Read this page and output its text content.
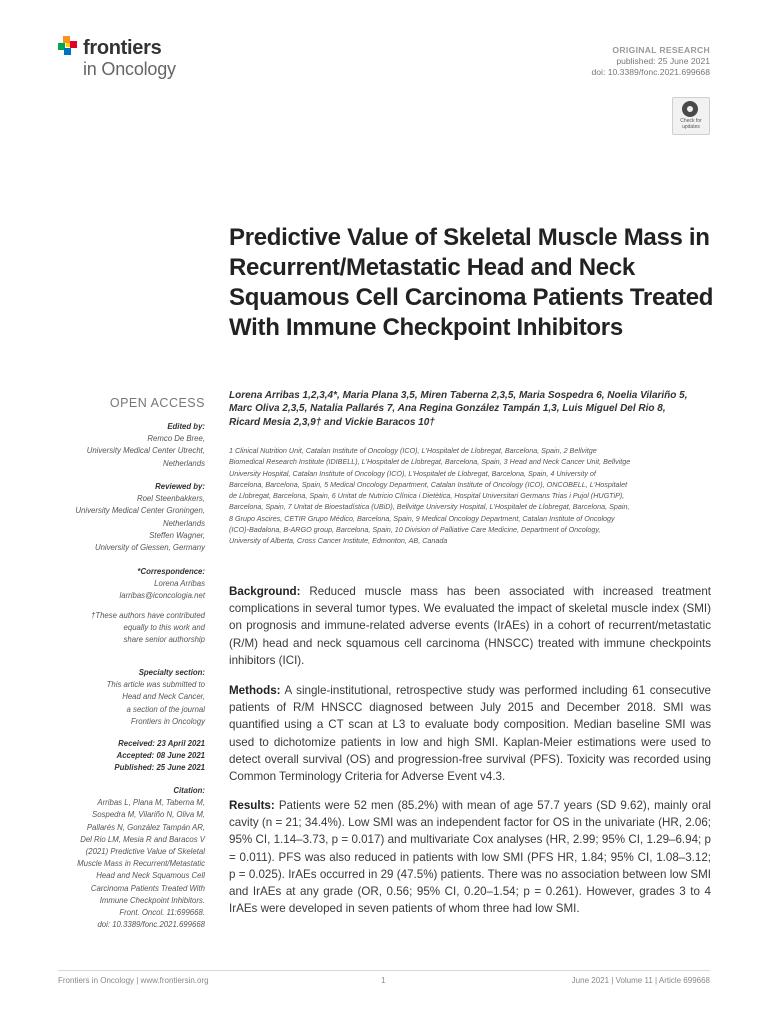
frontiers
in Oncology
ORIGINAL RESEARCH
published: 25 June 2021
doi: 10.3389/fonc.2021.699668
Check for updates
Predictive Value of Skeletal Muscle Mass in Recurrent/Metastatic Head and Neck Squamous Cell Carcinoma Patients Treated With Immune Checkpoint Inhibitors
Lorena Arribas 1,2,3,4*, Maria Plana 3,5, Miren Taberna 2,3,5, Maria Sospedra 6, Noelia Vilariño 5,
Marc Oliva 2,3,5, Natalia Pallarés 7, Ana Regina González Tampán 1,3, Luis Miguel Del Rio 8,
Ricard Mesia 2,3,9† and Vickie Baracos 10†
1 Clinical Nutrition Unit, Catalan Institute of Oncology (ICO), L'Hospitalet de Llobregat, Barcelona, Spain, 2 Bellvitge
Biomedical Research Institute (IDIBELL), L'Hospitalet de Llobregat, Barcelona, Spain, 3 Head and Neck Cancer Unit, Bellvitge
University Hospital, Catalan Institute of Oncology (ICO), L'Hospitalet de Llobregat, Barcelona, Spain, 4 University of
Barcelona, Barcelona, Spain, 5 Medical Oncology Department, Catalan Institute of Oncology (ICO), ONCOBELL, L'Hospitalet
de Llobregat, Barcelona, Spain, 6 Unitat de Nutricio Clínica i Dietètica, Hospital Universitari Germans Trias i Pujol (HUGTiP),
Barcelona, Spain, 7 Unitat de Bioestadística (UBiD), Bellvitge University Hospital, L'Hospitalet de Llobregat, Barcelona, Spain,
8 Grupo Ascires, CETIR Grupo Médico, Barcelona, Spain, 9 Medical Oncology Department, Catalan Institute of Oncology
(ICO)-Badalona, B-ARGO group, Barcelona, Spain, 10 Division of Palliative Care Medicine, Department of Oncology,
University of Alberta, Cross Cancer Institute, Edmonton, AB, Canada
OPEN ACCESS
Edited by:
Remco De Bree,
University Medical Center Utrecht,
Netherlands
Reviewed by:
Roel Steenbakkers,
University Medical Center Groningen,
Netherlands
Steffen Wagner,
University of Giessen, Germany
*Correspondence:
Lorena Arribas
larribas@iconcologia.net
†These authors have contributed
equally to this work and
share senior authorship
Specialty section:
This article was submitted to
Head and Neck Cancer,
a section of the journal
Frontiers in Oncology
Received: 23 April 2021
Accepted: 08 June 2021
Published: 25 June 2021
Citation:
Arribas L, Plana M, Taberna M,
Sospedra M, Vilariño N, Oliva M,
Pallarés N, González Tampán AR,
Del Rio LM, Mesia R and Baracos V
(2021) Predictive Value of Skeletal
Muscle Mass in Recurrent/Metastatic
Head and Neck Squamous Cell
Carcinoma Patients Treated With
Immune Checkpoint Inhibitors.
Front. Oncol. 11:699668.
doi: 10.3389/fonc.2021.699668
Background: Reduced muscle mass has been associated with increased treatment complications in several tumor types. We evaluated the impact of skeletal muscle index (SMI) on prognosis and immune-related adverse events (IrAEs) in a cohort of recurrent/metastatic (R/M) head and neck squamous cell carcinoma (HNSCC) treated with immune checkpoints inhibitors (ICI).
Methods: A single-institutional, retrospective study was performed including 61 consecutive patients of R/M HNSCC diagnosed between July 2015 and December 2018. SMI was quantified using a CT scan at L3 to evaluate body composition. Median baseline SMI was used to dichotomize patients in low and high SMI. Kaplan-Meier estimations were used to detect overall survival (OS) and progression-free survival (PFS). Toxicity was recorded using Common Terminology Criteria for Adverse Event v4.3.
Results: Patients were 52 men (85.2%) with mean of age 57.7 years (SD 9.62), mainly oral cavity (n = 21; 34.4%). Low SMI was an independent factor for OS in the univariate (HR, 2.06; 95% CI, 1.14–3.73, p = 0.017) and multivariate Cox analyses (HR, 2.99; 95% CI, 1.29–6.94; p = 0.011). PFS was also reduced in patients with low SMI (PFS HR, 1.84; 95% CI, 1.08–3.12; p = 0.025). IrAEs occurred in 29 (47.5%) patients. There was no association between low SMI and IrAEs at any grade (OR, 0.56; 95% CI, 0.20–1.54; p = 0.261). However, grades 3 to 4 IrAEs were developed in seven patients of whom three had low SMI.
Frontiers in Oncology | www.frontiersin.org	1	June 2021 | Volume 11 | Article 699668
